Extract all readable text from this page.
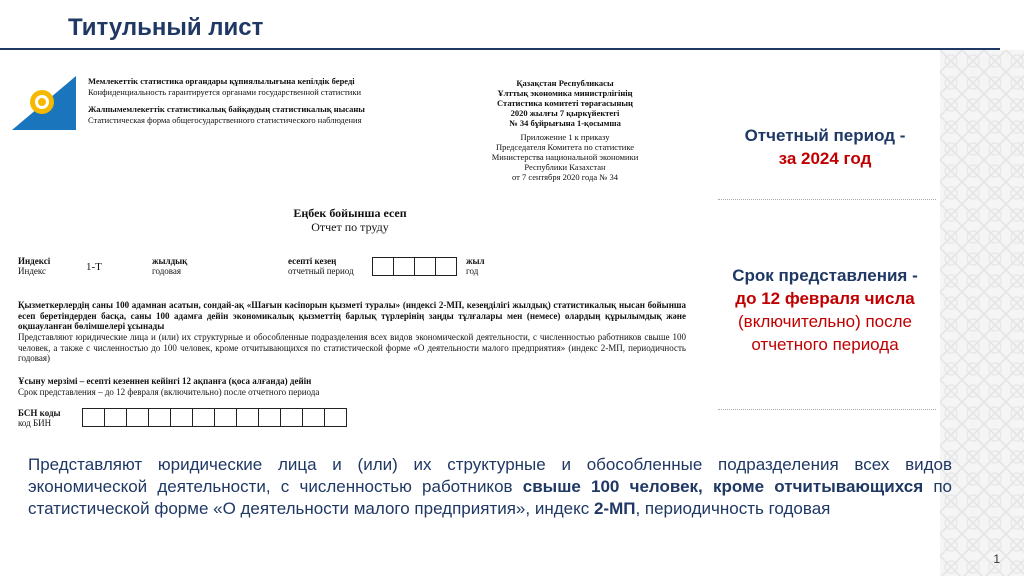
Титульный лист
Мемлекеттік статистика органдары құпиялылығына кепілдік береді
Конфиденциальность гарантируется органами государственной статистики
Жалпымемлекеттік статистикалық байқаудың статистикалық нысаны
Статистическая форма общегосударственного статистического наблюдения
Қазақстан Республикасы
Ұлттық экономика министрлігінің
Статистика комитеті төрағасының
2020 жылғы 7 қыркүйектегі
№ 34 бұйрығына 1-қосымша
Приложение 1 к приказу
Председателя Комитета по статистике
Министерства национальной экономики
Республики Казахстан
от 7 сентября 2020 года № 34
Еңбек бойынша есеп
Отчет по труду
Индексі
Индекс	1-Т	жылдық
годовая
есепті кезең
отчетный период
жыл
год
Қызметкерлердің саны 100 адамнан асатын, сондай-ақ «Шағын кәсіпорын қызметі туралы» (индексі 2-МП, кезеңділігі жылдық) статистикалық нысан бойынша есеп беретіндерден басқа, саны 100 адамға дейін экономикалық қызметтің барлық түрлерінің заңды тұлғалары мен (немесе) олардың құрылымдық және оқшауланған бөлімшелері ұсынады
Представляют юридические лица и (или) их структурные и обособленные подразделения всех видов экономической деятельности, с численностью работников свыше 100 человек, а также с численностью до 100 человек, кроме отчитывающихся по статистической форме «О деятельности малого предприятия» (индекс 2-МП, периодичность годовая)
Ұсыну мерзімі – есепті кезеннен кейінгі 12 ақпанға (қоса алғанда) дейін
Срок представления – до 12 февраля (включительно) после отчетного периода
БСН коды
код БИН
Отчетный период -
за 2024 год
Срок представления -
до 12 февраля числа
(включительно) после
отчетного периода
Представляют юридические лица и (или) их структурные и обособленные подразделения всех видов экономической деятельности, с численностью работников свыше 100 человек, кроме отчитывающихся по статистической форме «О деятельности малого предприятия», индекс 2-МП, периодичность годовая
1
